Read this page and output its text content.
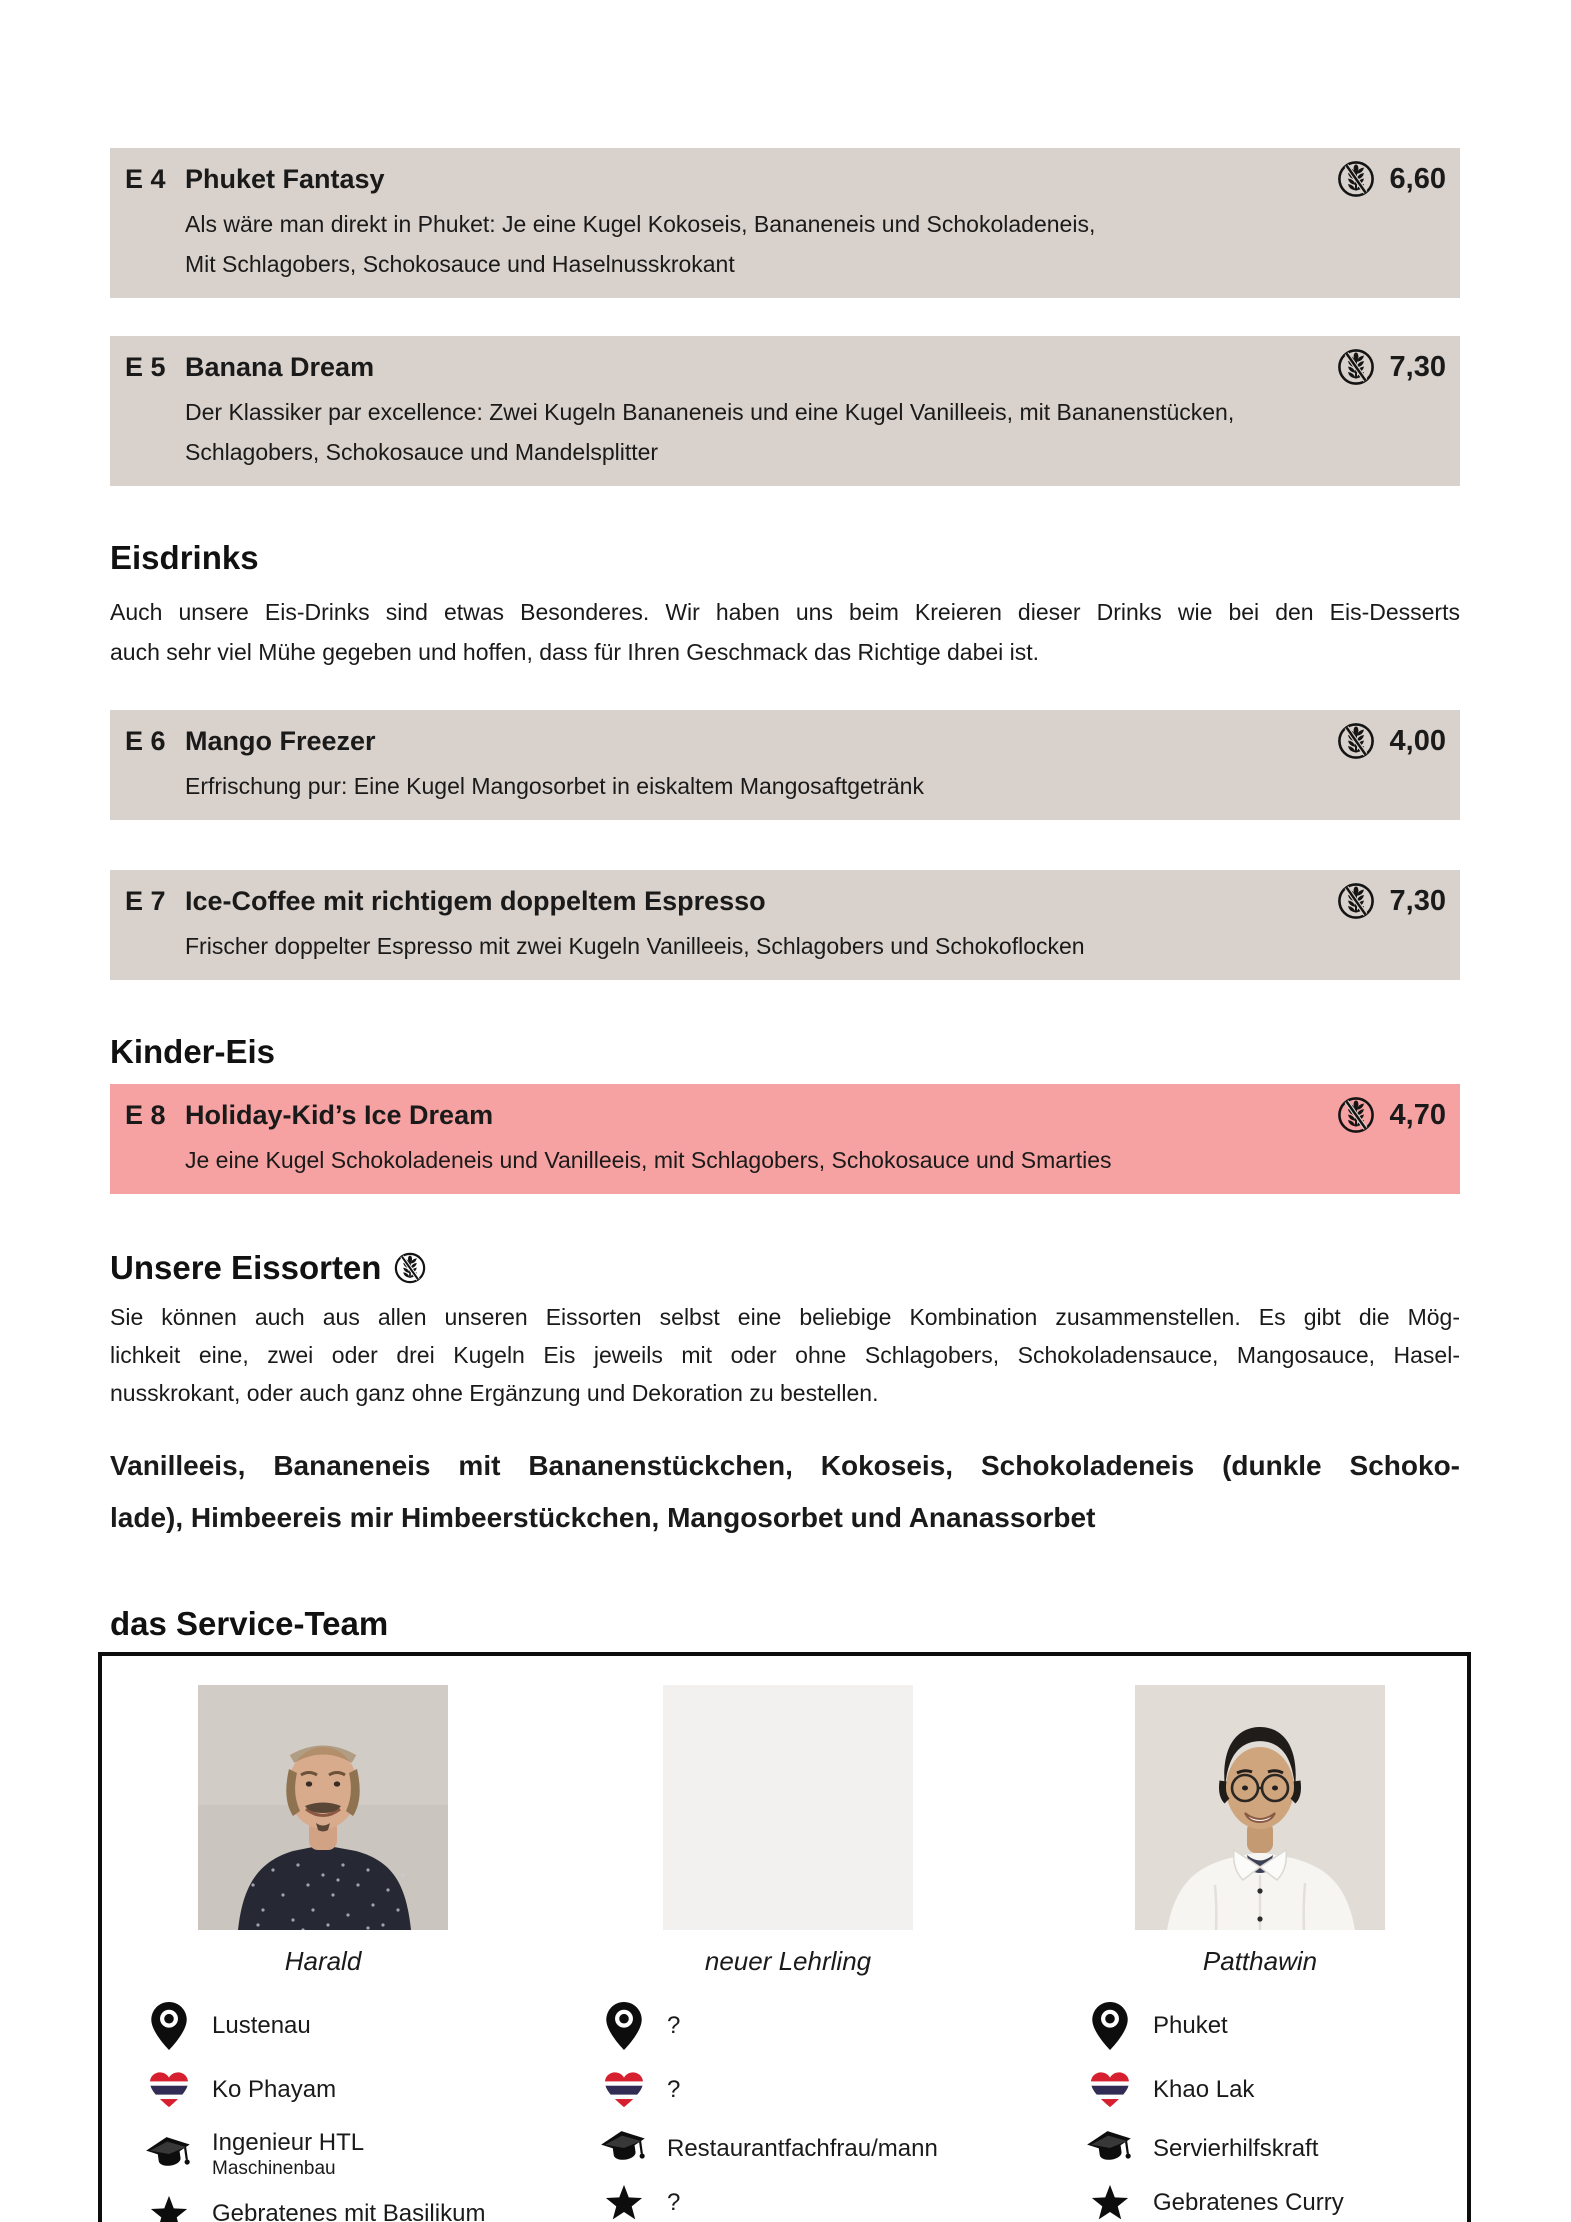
E 4 Phuket Fantasy	6,60
Als wäre man direkt in Phuket: Je eine Kugel Kokoseis, Bananeneis und Schokoladeneis,
Mit Schlagobers, Schokosauce und Haselnusskrokant
E 5 Banana Dream	7,30
Der Klassiker par excellence: Zwei Kugeln Bananeneis und eine Kugel Vanilleeis, mit Bananenstücken,
Schlagobers, Schokosauce und Mandelsplitter
Eisdrinks
Auch unsere Eis-Drinks sind etwas Besonderes. Wir haben uns beim Kreieren dieser Drinks wie bei den Eis-Desserts
auch sehr viel Mühe gegeben und hoffen, dass für Ihren Geschmack das Richtige dabei ist.
E 6 Mango Freezer	4,00
Erfrischung pur: Eine Kugel Mangosorbet in eiskaltem Mangosaftgetränk
E 7 Ice-Coffee mit richtigem doppeltem Espresso	7,30
Frischer doppelter Espresso mit zwei Kugeln Vanilleeis, Schlagobers und Schokoflocken
Kinder-Eis
E 8 Holiday-Kid’s Ice Dream	4,70
Je eine Kugel Schokoladeneis und Vanilleeis, mit Schlagobers, Schokosauce und Smarties
Unsere Eissorten
Sie können auch aus allen unseren Eissorten selbst eine beliebige Kombination zusammenstellen. Es gibt die Mög-
lichkeit eine, zwei oder drei Kugeln Eis jeweils mit oder ohne Schlagobers, Schokoladensauce, Mangosauce, Hasel-
nusskrokant, oder auch ganz ohne Ergänzung und Dekoration zu bestellen.
Vanilleeis, Bananeneis mit Bananenstückchen, Kokoseis, Schokoladeneis (dunkle Schoko-
lade), Himbeereis mir Himbeerstückchen, Mangosorbet und Ananassorbet
das Service-Team
Harald
Lustenau
Ko Phayam
Ingenieur HTL
Maschinenbau
Gebratenes mit Basilikum
neuer Lehrling
?
?
Restaurantfachfrau/mann
?
Patthawin
Phuket
Khao Lak
Servierhilfskraft
Gebratenes Curry
